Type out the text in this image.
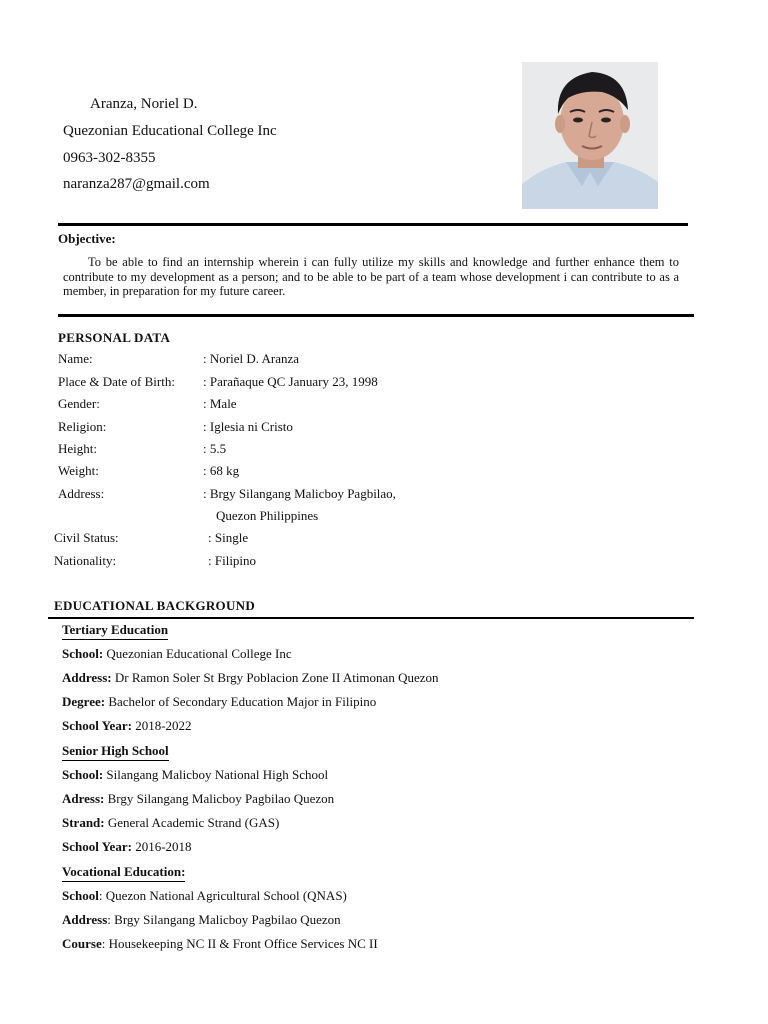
Aranza, Noriel D.
Quezonian Educational College Inc
0963-302-8355
naranza287@gmail.com
Objective:
To be able to find an internship wherein i can fully utilize my skills and knowledge and further enhance them to contribute to my development as a person; and to be able to be part of a team whose development i can contribute to as a member, in preparation for my future career.
PERSONAL DATA
Name:	: Noriel D. Aranza
Place & Date of Birth: : Parañaque QC January 23, 1998
Gender:	: Male
Religion:	: Iglesia ni Cristo
Height:	: 5.5
Weight:	: 68 kg
Address:	: Brgy Silangang Malicboy Pagbilao,
Quezon Philippines
Civil Status:	: Single
Nationality:	: Filipino
EDUCATIONAL BACKGROUND
Tertiary Education
School: Quezonian Educational College Inc
Address: Dr Ramon Soler St Brgy Poblacion Zone II Atimonan Quezon
Degree: Bachelor of Secondary Education Major in Filipino
School Year: 2018-2022
Senior High School
School: Silangang Malicboy National High School
Adress: Brgy Silangang Malicboy Pagbilao Quezon
Strand: General Academic Strand (GAS)
School Year: 2016-2018
Vocational Education:
School: Quezon National Agricultural School (QNAS)
Address: Brgy Silangang Malicboy Pagbilao Quezon
Course: Housekeeping NC II & Front Office Services NC II
